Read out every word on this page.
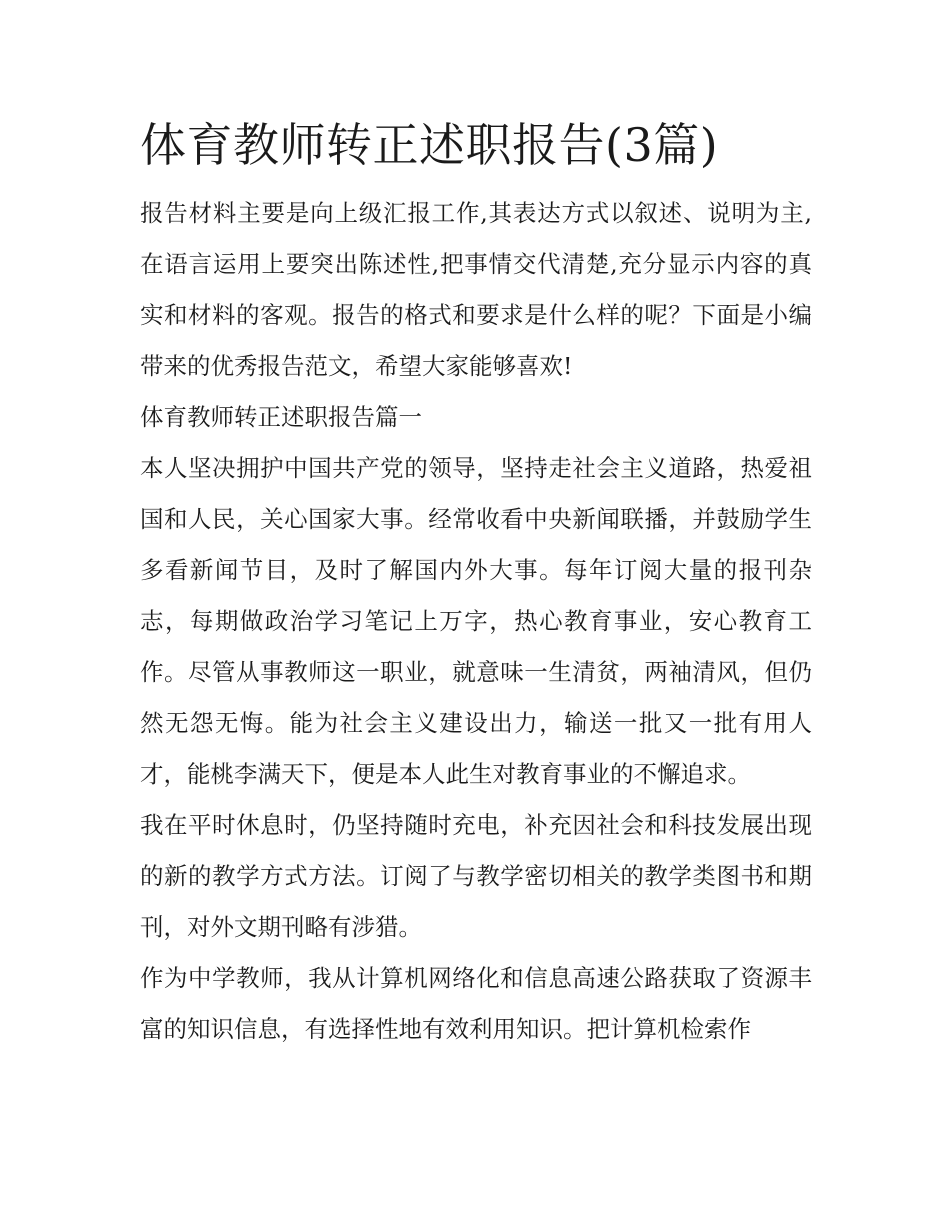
体育教师转正述职报告(3篇)

报告材料主要是向上级汇报工作,其表达方式以叙述、说明为主,在语言运用上要突出陈述性,把事情交代清楚,充分显示内容的真实和材料的客观。报告的格式和要求是什么样的呢？下面是小编带来的优秀报告范文，希望大家能够喜欢!

体育教师转正述职报告篇一

本人坚决拥护中国共产党的领导，坚持走社会主义道路，热爱祖国和人民，关心国家大事。经常收看中央新闻联播，并鼓励学生多看新闻节目，及时了解国内外大事。每年订阅大量的报刊杂志，每期做政治学习笔记上万字，热心教育事业，安心教育工作。尽管从事教师这一职业，就意味一生清贫，两袖清风，但仍然无怨无悔。能为社会主义建设出力，输送一批又一批有用人才，能桃李满天下，便是本人此生对教育事业的不懈追求。

我在平时休息时，仍坚持随时充电，补充因社会和科技发展出现的新的教学方式方法。订阅了与教学密切相关的教学类图书和期刊，对外文期刊略有涉猎。

作为中学教师，我从计算机网络化和信息高速公路获取了资源丰富的知识信息，有选择性地有效利用知识。把计算机检索作
